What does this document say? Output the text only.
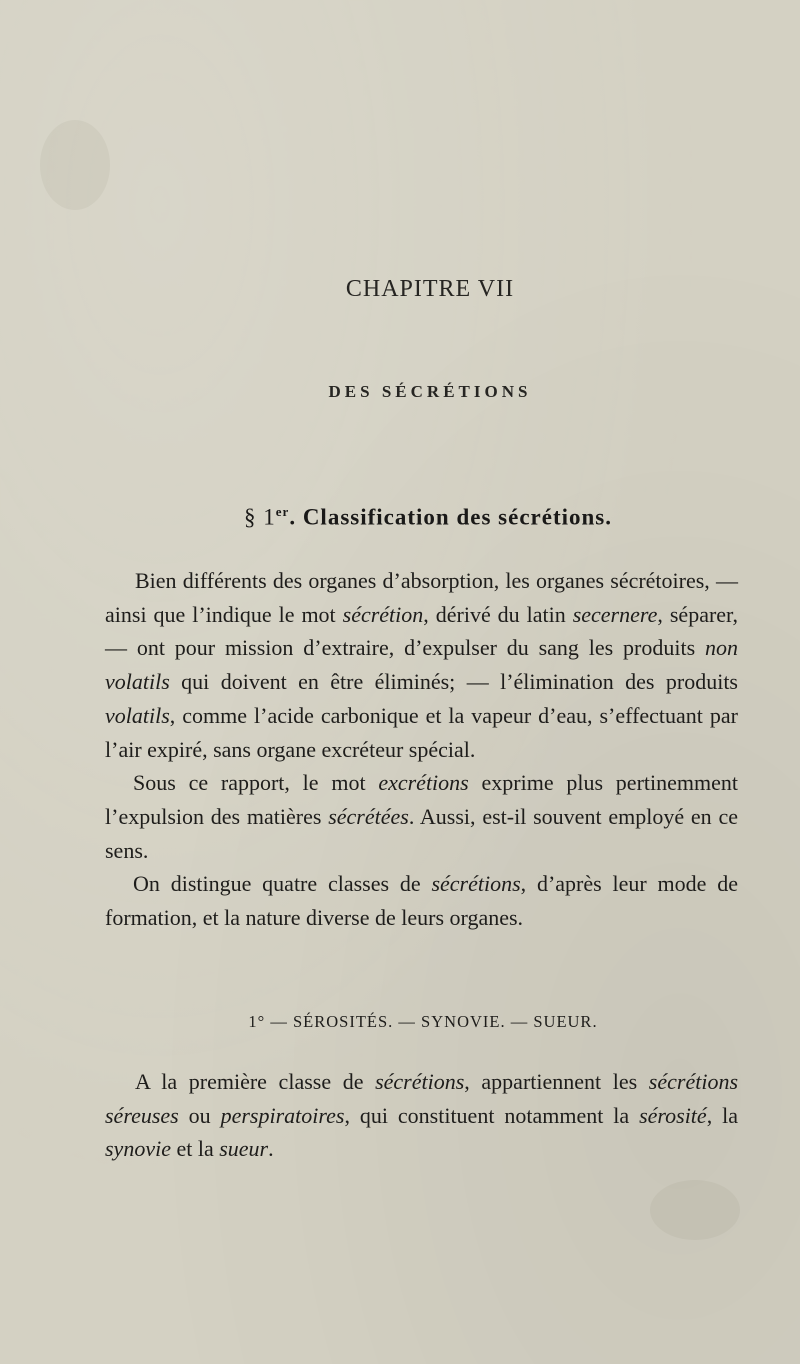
CHAPITRE VII
DES SÉCRÉTIONS
§ 1er. Classification des sécrétions.

Bien différents des organes d’absorption, les organes sécrétoires, — ainsi que l’indique le mot sécrétion, dérivé du latin secernere, séparer, — ont pour mission d’extraire, d’expulser du sang les produits non volatils qui doivent en être éliminés; — l’élimination des produits volatils, comme l’acide carbonique et la vapeur d’eau, s’effectuant par l’air expiré, sans organe excréteur spécial.

Sous ce rapport, le mot excrétions exprime plus pertinemment l’expulsion des matières sécrétées. Aussi, est-il souvent employé en ce sens.

On distingue quatre classes de sécrétions, d’après leur mode de formation, et la nature diverse de leurs organes.

1° — SÉROSITÉS. — SYNOVIE. — SUEUR.

A la première classe de sécrétions, appartiennent les sécrétions séreuses ou perspiratoires, qui constituent notamment la sérosité, la synovie et la sueur.
